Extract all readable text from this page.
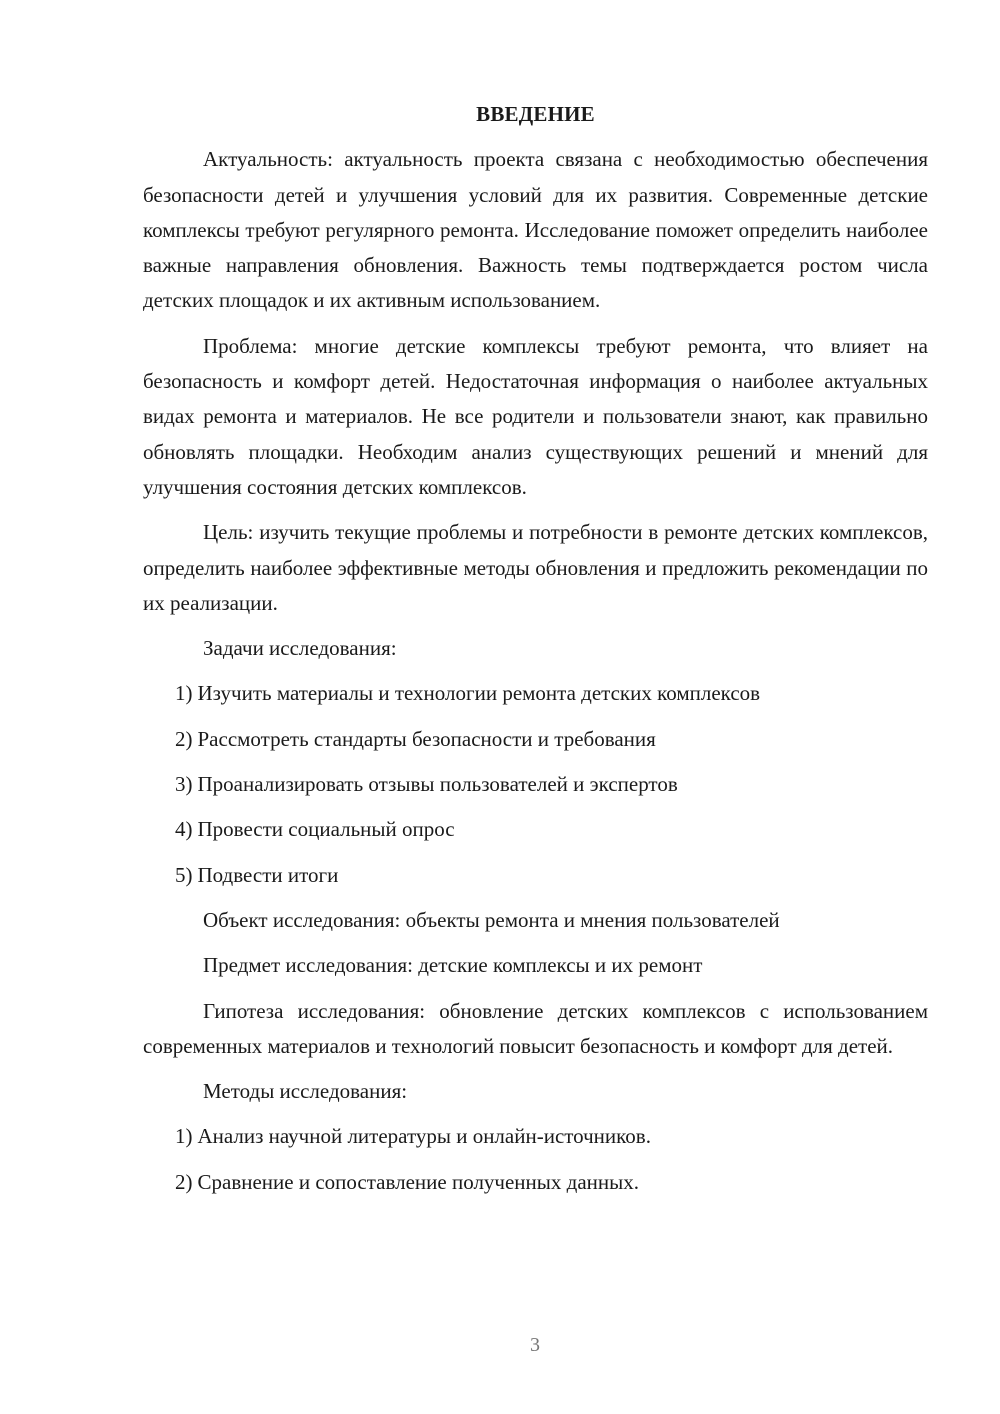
ВВЕДЕНИЕ

Актуальность: актуальность проекта связана с необходимостью обеспечения безопасности детей и улучшения условий для их развития. Современные детские комплексы требуют регулярного ремонта. Исследование поможет определить наиболее важные направления обновления. Важность темы подтверждается ростом числа детских площадок и их активным использованием.

Проблема: многие детские комплексы требуют ремонта, что влияет на безопасность и комфорт детей. Недостаточная информация о наиболее актуальных видах ремонта и материалов. Не все родители и пользователи знают, как правильно обновлять площадки. Необходим анализ существующих решений и мнений для улучшения состояния детских комплексов.

Цель: изучить текущие проблемы и потребности в ремонте детских комплексов, определить наиболее эффективные методы обновления и предложить рекомендации по их реализации.

Задачи исследования:

1) Изучить материалы и технологии ремонта детских комплексов

2) Рассмотреть стандарты безопасности и требования

3) Проанализировать отзывы пользователей и экспертов

4) Провести социальный опрос

5) Подвести итоги

Объект исследования: объекты ремонта и мнения пользователей

Предмет исследования: детские комплексы и их ремонт

Гипотеза исследования: обновление детских комплексов с использованием современных материалов и технологий повысит безопасность и комфорт для детей.

Методы исследования:

1) Анализ научной литературы и онлайн-источников.

2) Сравнение и сопоставление полученных данных.

3
